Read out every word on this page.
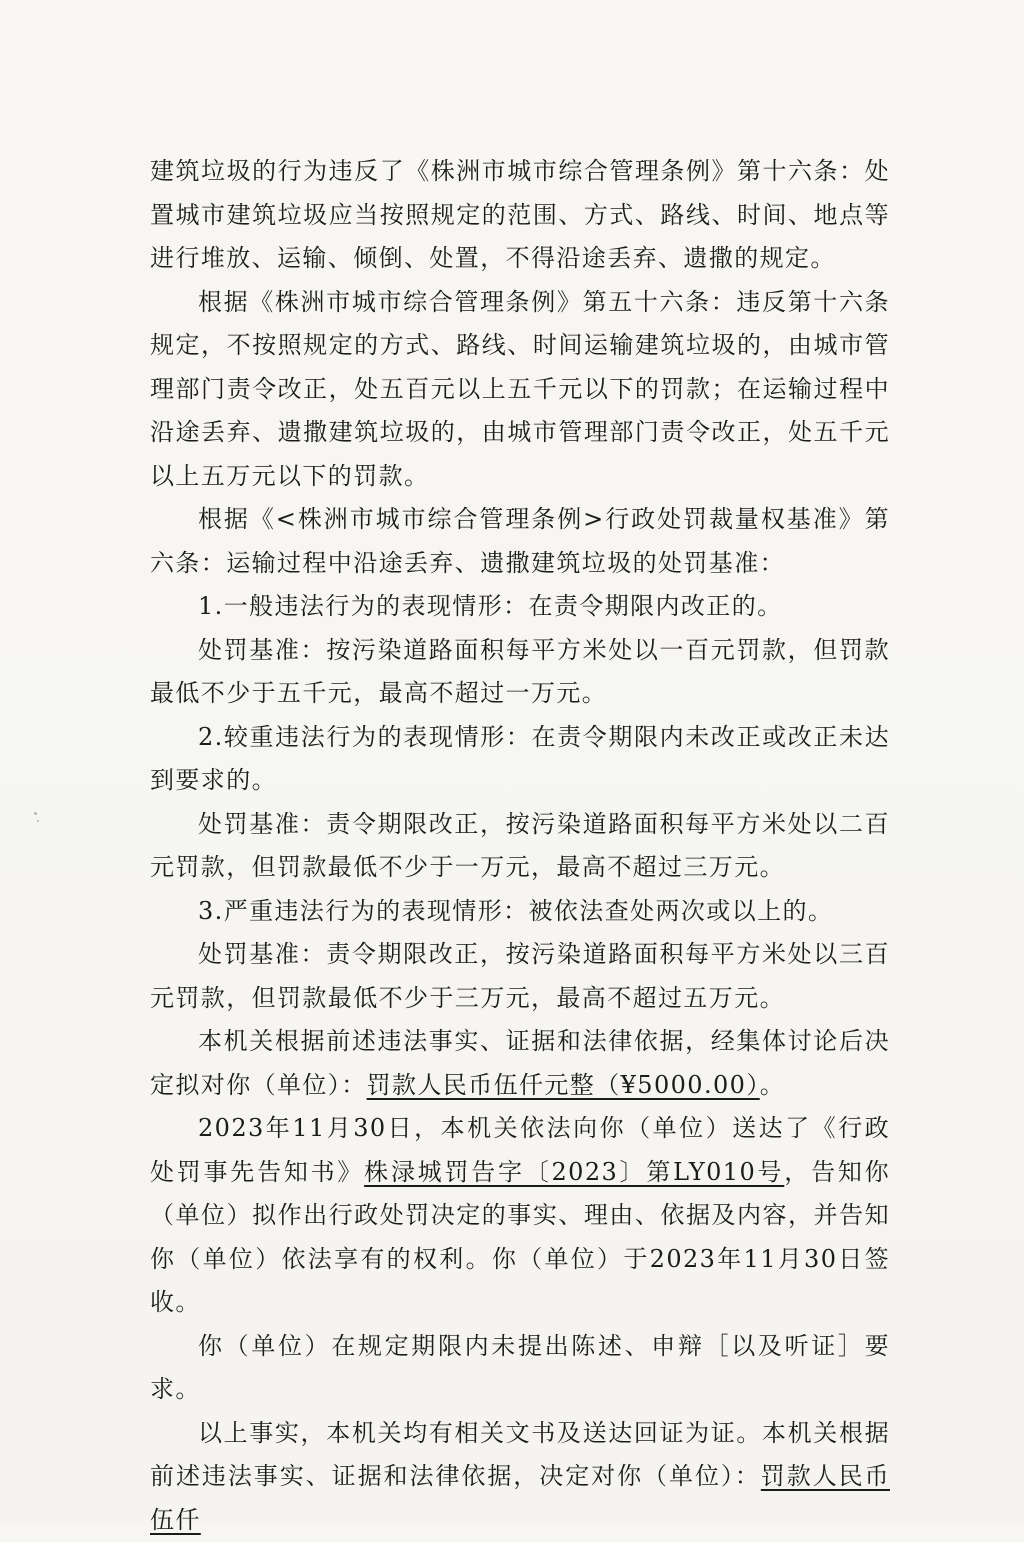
建筑垃圾的行为违反了《株洲市城市综合管理条例》第十六条：处置城市建筑垃圾应当按照规定的范围、方式、路线、时间、地点等进行堆放、运输、倾倒、处置，不得沿途丢弃、遗撒的规定。

根据《株洲市城市综合管理条例》第五十六条：违反第十六条规定，不按照规定的方式、路线、时间运输建筑垃圾的，由城市管理部门责令改正，处五百元以上五千元以下的罚款；在运输过程中沿途丢弃、遗撒建筑垃圾的，由城市管理部门责令改正，处五千元以上五万元以下的罚款。

根据《<株洲市城市综合管理条例>行政处罚裁量权基准》第六条：运输过程中沿途丢弃、遗撒建筑垃圾的处罚基准：

1.一般违法行为的表现情形：在责令期限内改正的。

处罚基准：按污染道路面积每平方米处以一百元罚款，但罚款最低不少于五千元，最高不超过一万元。

2.较重违法行为的表现情形：在责令期限内未改正或改正未达到要求的。

处罚基准：责令期限改正，按污染道路面积每平方米处以二百元罚款，但罚款最低不少于一万元，最高不超过三万元。

3.严重违法行为的表现情形：被依法查处两次或以上的。

处罚基准：责令期限改正，按污染道路面积每平方米处以三百元罚款，但罚款最低不少于三万元，最高不超过五万元。

本机关根据前述违法事实、证据和法律依据，经集体讨论后决定拟对你（单位）：罚款人民币伍仟元整（¥5000.00）。

2023年11月30日，本机关依法向你（单位）送达了《行政处罚事先告知书》株渌城罚告字〔2023〕第LY010号，告知你（单位）拟作出行政处罚决定的事实、理由、依据及内容，并告知你（单位）依法享有的权利。你（单位）于2023年11月30日签收。

你（单位）在规定期限内未提出陈述、申辩［以及听证］要求。

以上事实，本机关均有相关文书及送达回证为证。本机关根据前述违法事实、证据和法律依据，决定对你（单位）：罚款人民币伍仟
